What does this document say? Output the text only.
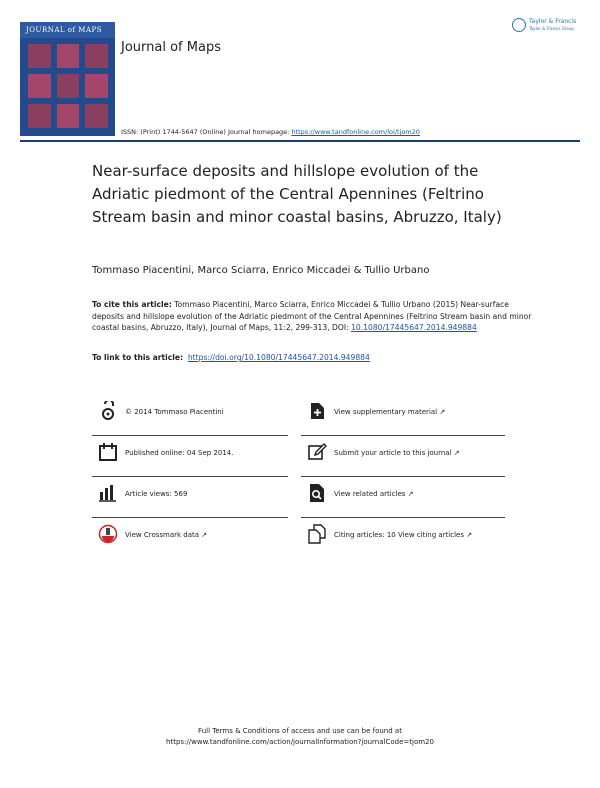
JOURNAL of MAPS
Journal of Maps
Taylor & Francis
Taylor & Francis Group
ISSN: (Print) 1744-5647 (Online) Journal homepage: https://www.tandfonline.com/loi/tjom20
Near-surface deposits and hillslope evolution of the Adriatic piedmont of the Central Apennines (Feltrino Stream basin and minor coastal basins, Abruzzo, Italy)
Tommaso Piacentini, Marco Sciarra, Enrico Miccadei & Tullio Urbano
To cite this article: Tommaso Piacentini, Marco Sciarra, Enrico Miccadei & Tullio Urbano (2015) Near-surface deposits and hillslope evolution of the Adriatic piedmont of the Central Apennines (Feltrino Stream basin and minor coastal basins, Abruzzo, Italy), Journal of Maps, 11:2, 299-313, DOI: 10.1080/17445647.2014.949884
To link to this article: https://doi.org/10.1080/17445647.2014.949884
© 2014 Tommaso Piacentini	View supplementary material ↗
Published online: 04 Sep 2014.	Submit your article to this journal ↗
Article views: 569	View related articles ↗
View Crossmark data ↗	Citing articles: 10 View citing articles ↗
Full Terms & Conditions of access and use can be found at
https://www.tandfonline.com/action/journalInformation?journalCode=tjom20
